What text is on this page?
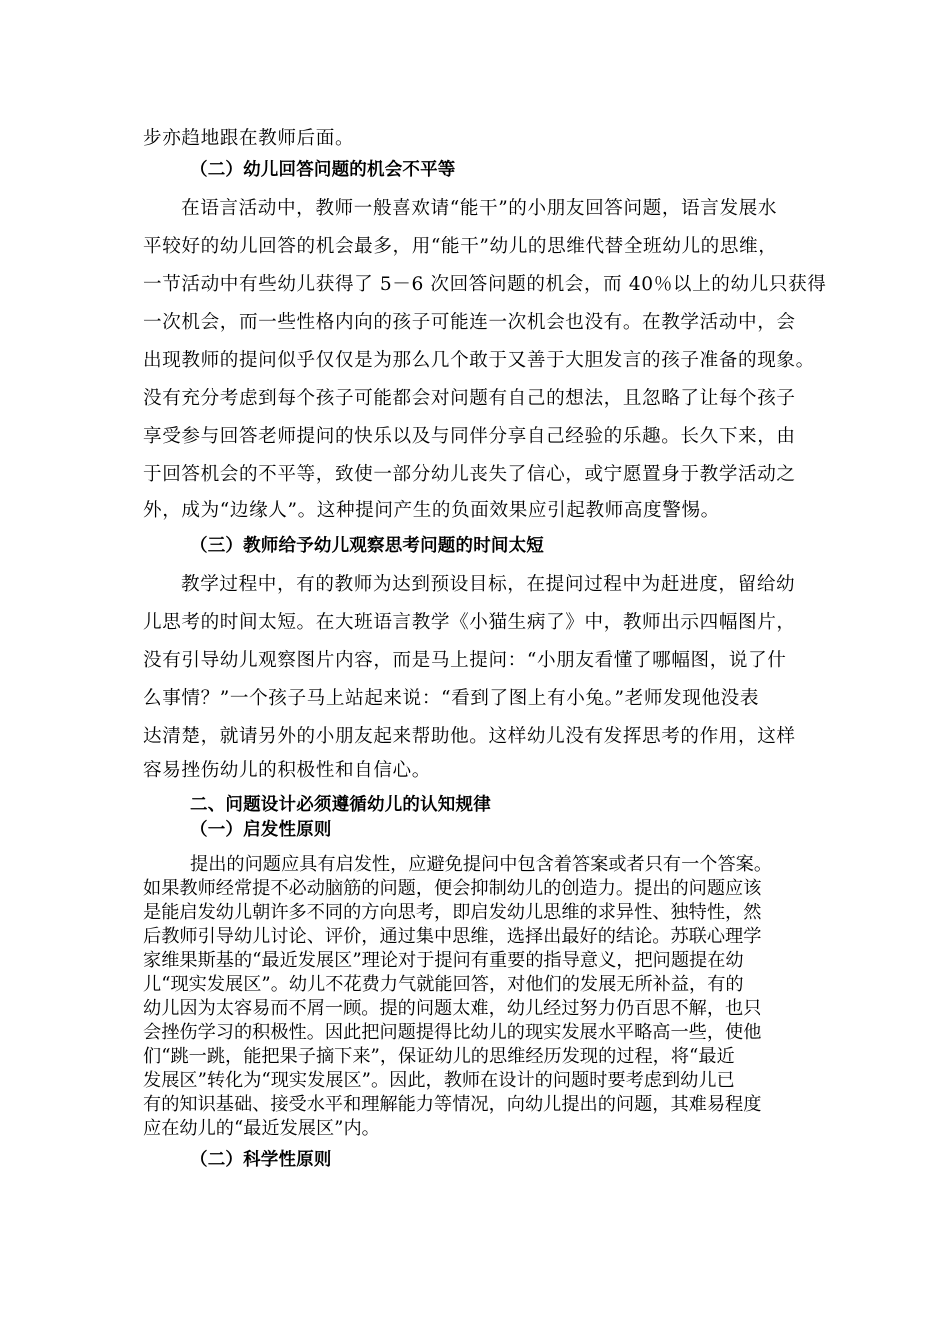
步亦趋地跟在教师后面。
（二）幼儿回答问题的机会不平等
在语言活动中，教师一般喜欢请“能干”的小朋友回答问题，语言发展水
平较好的幼儿回答的机会最多，用“能干”幼儿的思维代替全班幼儿的思维，
一节活动中有些幼儿获得了 5－6 次回答问题的机会，而 40％以上的幼儿只获得
一次机会，而一些性格内向的孩子可能连一次机会也没有。在教学活动中，会
出现教师的提问似乎仅仅是为那么几个敢于又善于大胆发言的孩子准备的现象。
没有充分考虑到每个孩子可能都会对问题有自己的想法，且忽略了让每个孩子
享受参与回答老师提问的快乐以及与同伴分享自己经验的乐趣。长久下来，由
于回答机会的不平等，致使一部分幼儿丧失了信心，或宁愿置身于教学活动之
外，成为“边缘人”。这种提问产生的负面效果应引起教师高度警惕。
（三）教师给予幼儿观察思考问题的时间太短
教学过程中，有的教师为达到预设目标，在提问过程中为赶进度，留给幼
儿思考的时间太短。在大班语言教学《小猫生病了》中，教师出示四幅图片，
没有引导幼儿观察图片内容，而是马上提问：“小朋友看懂了哪幅图，说了什
么事情？”一个孩子马上站起来说：“看到了图上有小兔。”老师发现他没表
达清楚，就请另外的小朋友起来帮助他。这样幼儿没有发挥思考的作用，这样
容易挫伤幼儿的积极性和自信心。
二、问题设计必须遵循幼儿的认知规律
（一）启发性原则
提出的问题应具有启发性，应避免提问中包含着答案或者只有一个答案。
如果教师经常提不必动脑筋的问题，便会抑制幼儿的创造力。提出的问题应该
是能启发幼儿朝许多不同的方向思考，即启发幼儿思维的求异性、独特性，然
后教师引导幼儿讨论、评价，通过集中思维，选择出最好的结论。苏联心理学
家维果斯基的“最近发展区”理论对于提问有重要的指导意义，把问题提在幼
儿“现实发展区”。幼儿不花费力气就能回答，对他们的发展无所补益，有的
幼儿因为太容易而不屑一顾。提的问题太难，幼儿经过努力仍百思不解，也只
会挫伤学习的积极性。因此把问题提得比幼儿的现实发展水平略高一些，使他
们“跳一跳，能把果子摘下来”，保证幼儿的思维经历发现的过程，将“最近
发展区”转化为“现实发展区”。因此，教师在设计的问题时要考虑到幼儿已
有的知识基础、接受水平和理解能力等情况，向幼儿提出的问题，其难易程度
应在幼儿的“最近发展区”内。
（二）科学性原则
